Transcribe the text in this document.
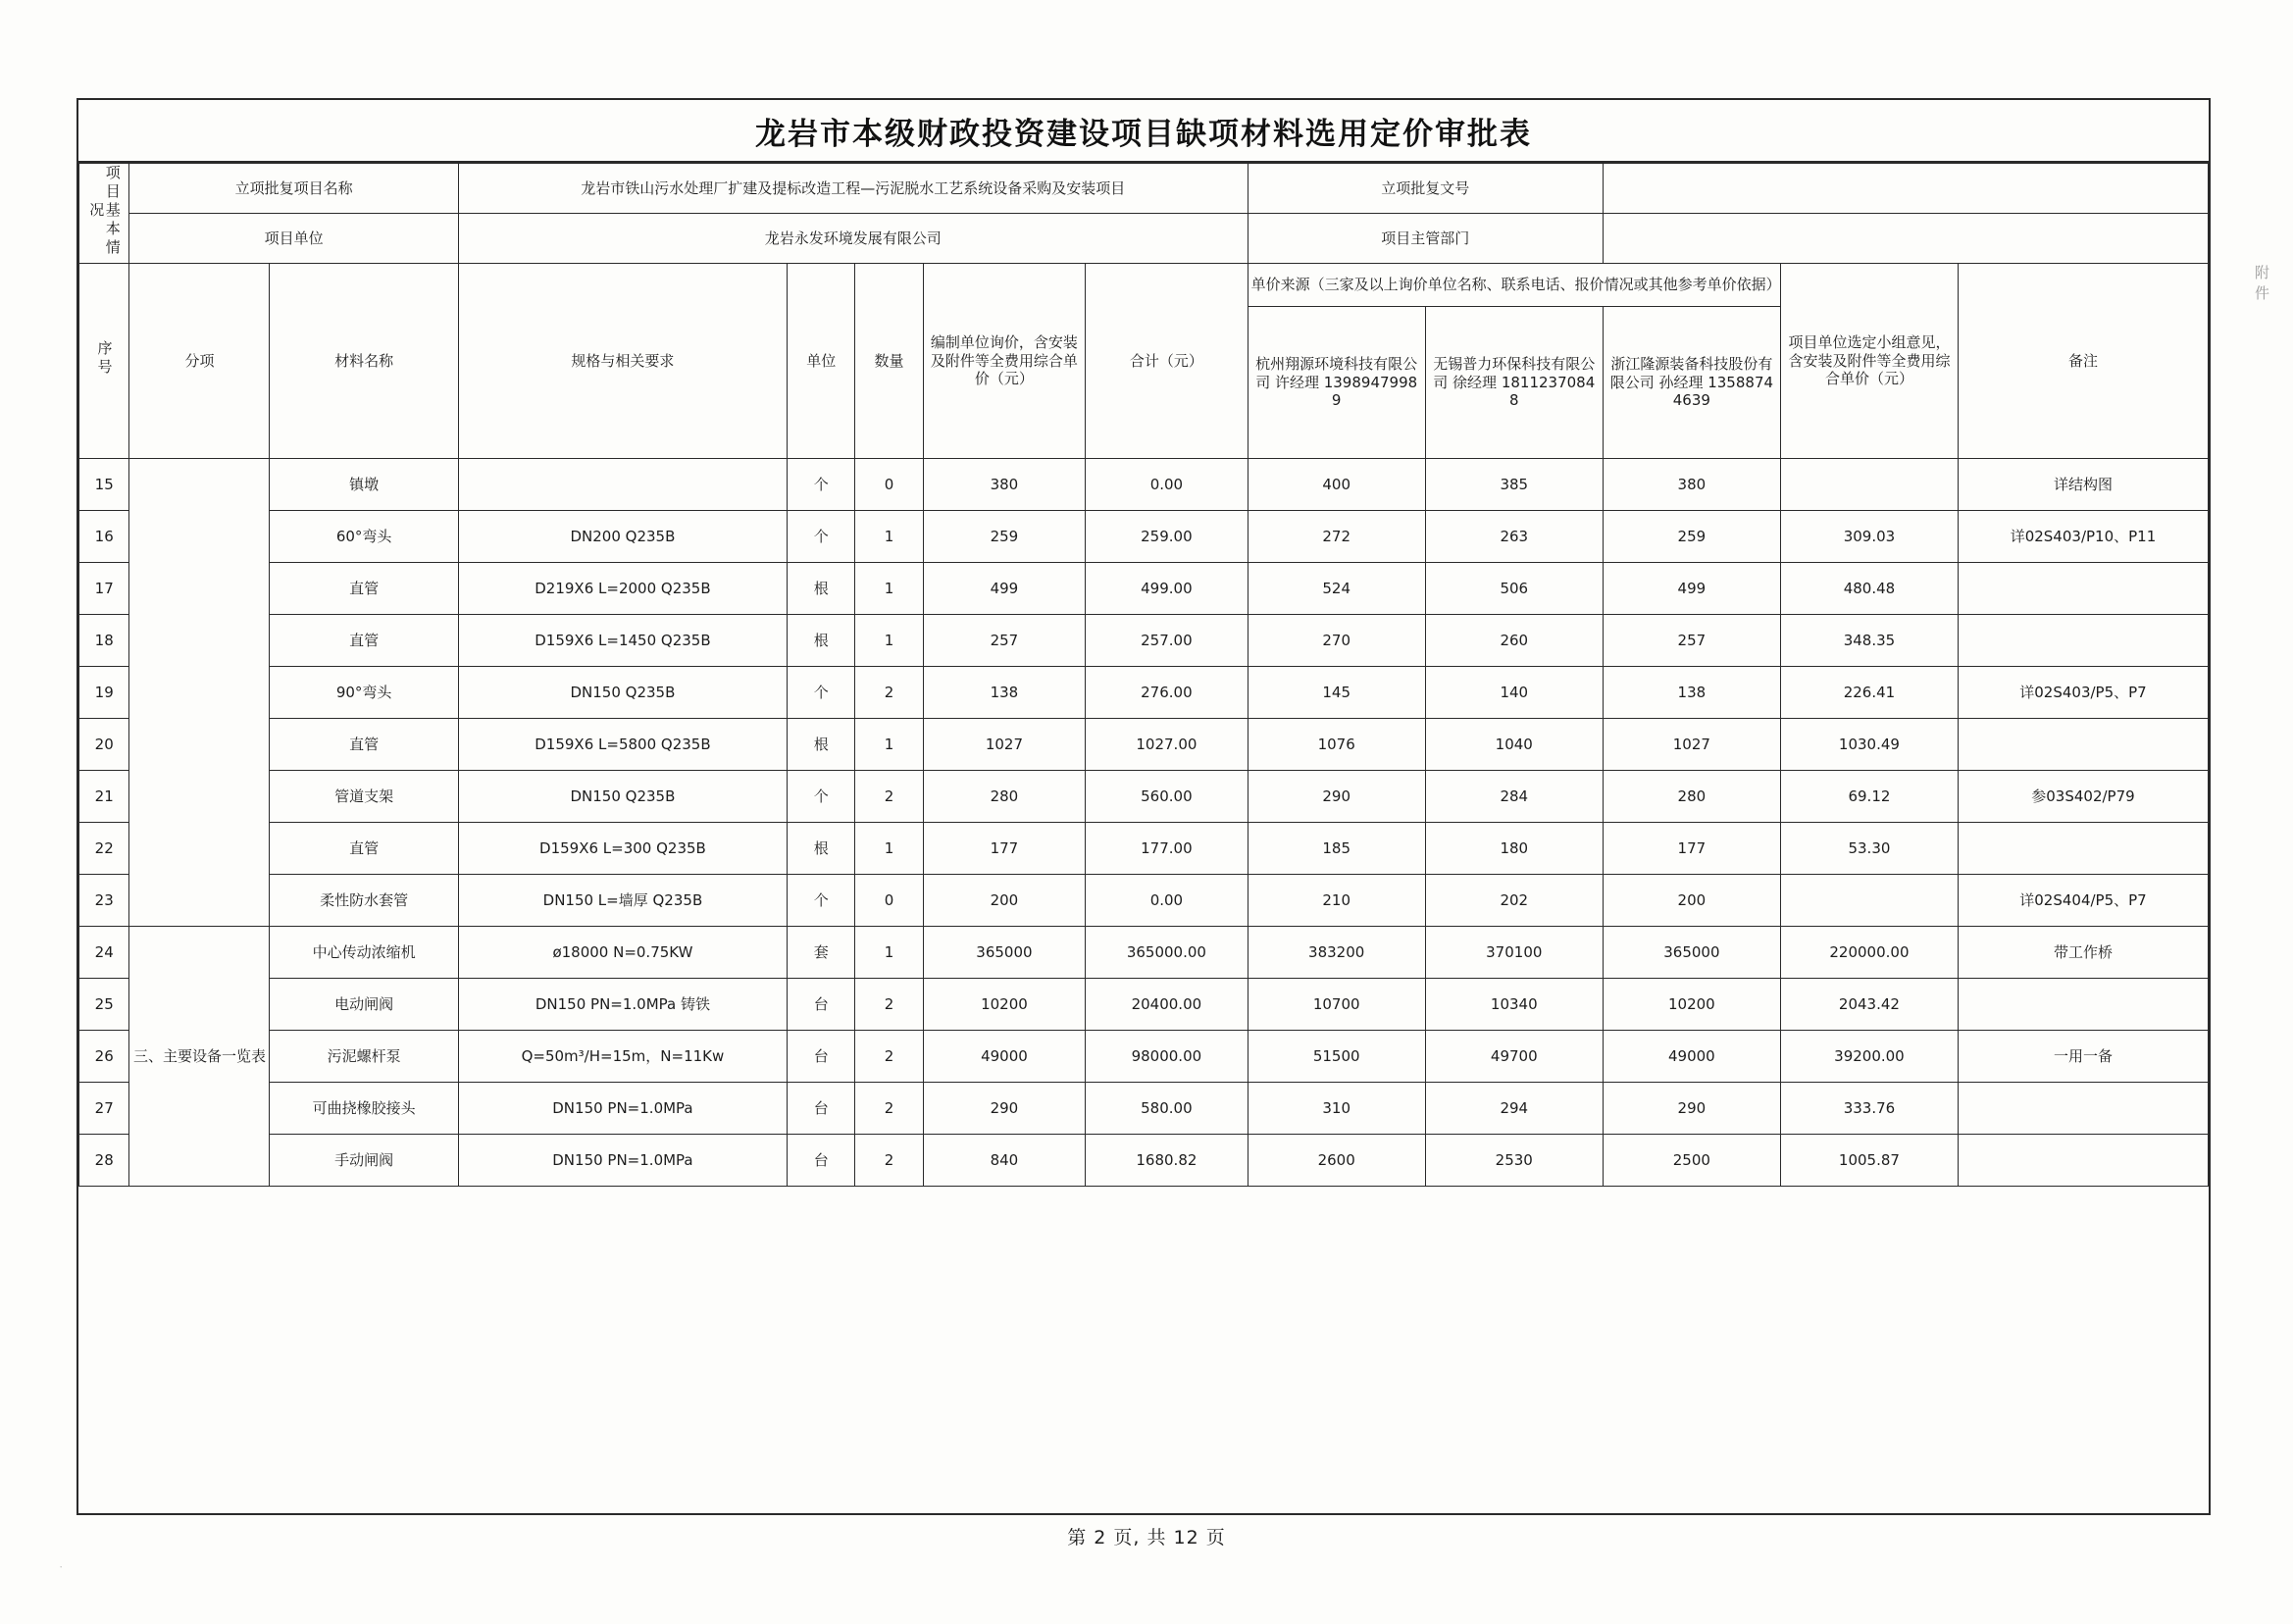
附件
龙岩市本级财政投资建设项目缺项材料选用定价审批表
项目基本情况	立项批复项目名称		龙岩市铁山污水处理厂扩建及提标改造工程—污泥脱水工艺系统设备采购及安装项目					立项批复文号				
	项目单位		龙岩永发环境发展有限公司					项目主管部门				
序号	分项	材料名称	规格与相关要求	单位	数量	编制单位询价，含安装及附件等全费用综合单价（元）	合计（元）	单价来源（三家及以上询价单位名称、联系电话、报价情况或其他参考单价依据）			项目单位选定小组意见，含安装及附件等全费用综合单价（元）	备注
								杭州翔源环境科技有限公司 许经理 13989479989	无锡普力环保科技有限公司 徐经理 18112370848	浙江隆源装备科技股份有限公司 孙经理 13588744639		
15		镇墩		个	0	380	0.00	400	385	380		详结构图
16		60°弯头	DN200 Q235B	个	1	259	259.00	272	263	259	309.03	详02S403/P10、P11
17		直管	D219X6 L=2000 Q235B	根	1	499	499.00	524	506	499	480.48	
18		直管	D159X6 L=1450 Q235B	根	1	257	257.00	270	260	257	348.35	
19		90°弯头	DN150 Q235B	个	2	138	276.00	145	140	138	226.41	详02S403/P5、P7
20		直管	D159X6 L=5800 Q235B	根	1	1027	1027.00	1076	1040	1027	1030.49	
21		管道支架	DN150 Q235B	个	2	280	560.00	290	284	280	69.12	参03S402/P79
22		直管	D159X6 L=300 Q235B	根	1	177	177.00	185	180	177	53.30	
23		柔性防水套管	DN150 L=墙厚 Q235B	个	0	200	0.00	210	202	200		详02S404/P5、P7
24	三、主要设备一览表	中心传动浓缩机	ø18000 N=0.75KW	套	1	365000	365000.00	383200	370100	365000	220000.00	带工作桥
25		电动闸阀	DN150 PN=1.0MPa 铸铁	台	2	10200	20400.00	10700	10340	10200	2043.42	
26		污泥螺杆泵	Q=50m³/H=15m，N=11Kw	台	2	49000	98000.00	51500	49700	49000	39200.00	一用一备
27		可曲挠橡胶接头	DN150 PN=1.0MPa	台	2	290	580.00	310	294	290	333.76	
28		手动闸阀	DN150 PN=1.0MPa	台	2	840	1680.82	2600	2530	2500	1005.87	
第 2 页, 共 12 页
·
